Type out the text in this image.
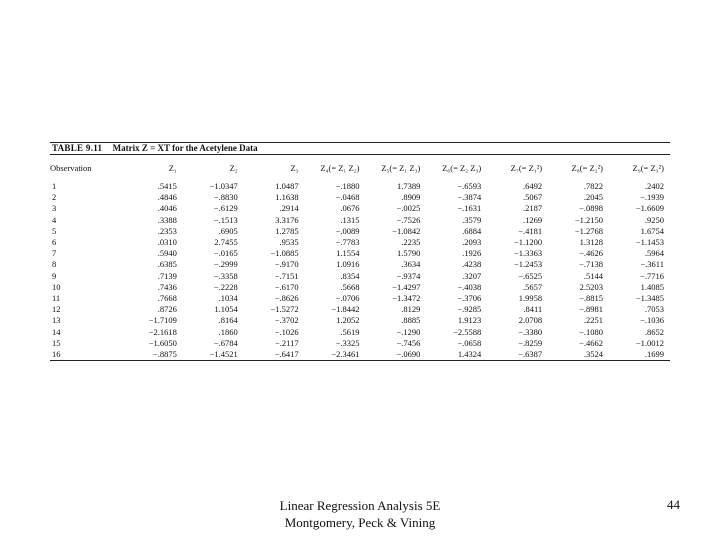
TABLE 9.11 Matrix Z = XT for the Acetylene Data
Observation	Z₁	Z₂	Z₃	Z₄(= Z₁ Z₂)	Z₅(= Z₁ Z₃)	Z₆(= Z₂ Z₃)	Z₇(= Z₁²)	Z₈(= Z₂²)	Z₉(= Z₃²)
1	.5415	−1.0347	1.0487	−.1880	1.7389	−.6593	.6492	.7822	.2402
2	.4846	−.8830	1.1638	−.0468	.8909	−.3874	.5067	.2045	−.1939
3	.4046	−.6129	.2914	.0676	−.0025	−.1631	.2187	−.0898	−1.6609
4	.3388	−.1513	3.3176	.1315	−.7526	.3579	.1269	−1.2150	.9250
5	.2353	.6905	1.2785	−.0089	−1.0842	.6884	−.4181	−1.2768	1.6754
6	.0310	2.7455	.9535	−.7783	.2235	.2093	−1.1200	1.3128	−1.1453
7	.5940	−.0165	−1.0885	1.1554	1.5790	.1926	−1.3363	−.4626	.5964
8	.6385	−.2999	−.9170	1.0916	.3634	.4238	−1.2453	−.7138	−.3611
9	.7139	−.3358	−.7151	.8354	−.9374	.3207	−.6525	.5144	−.7716
10	.7436	−.2228	−.6170	.5668	−1.4297	−.4038	.5657	2.5203	1.4085
11	.7668	.1034	−.8626	−.0706	−1.3472	−.3706	1.9958	−.8815	−1.3485
12	.8726	1.1054	−1.5272	−1.8442	.8129	−.9285	.8411	−.8981	.7053
13	−1.7109	.8164	−.3702	1.2052	.8885	1.9123	2.0708	.2251	−.1036
14	−2.1618	.1860	−.1026	.5619	−.1290	−2.5588	−.3380	−.1080	.8652
15	−1.6050	−.6784	−.2117	−.3325	−.7456	−.0658	−.8259	−.4662	−1.0012
16	−.8875	−1.4521	−.6417	−2.3461	−.0690	1.4324	−.6387	.3524	.1699
Linear Regression Analysis 5E
Montgomery, Peck & Vining
44
